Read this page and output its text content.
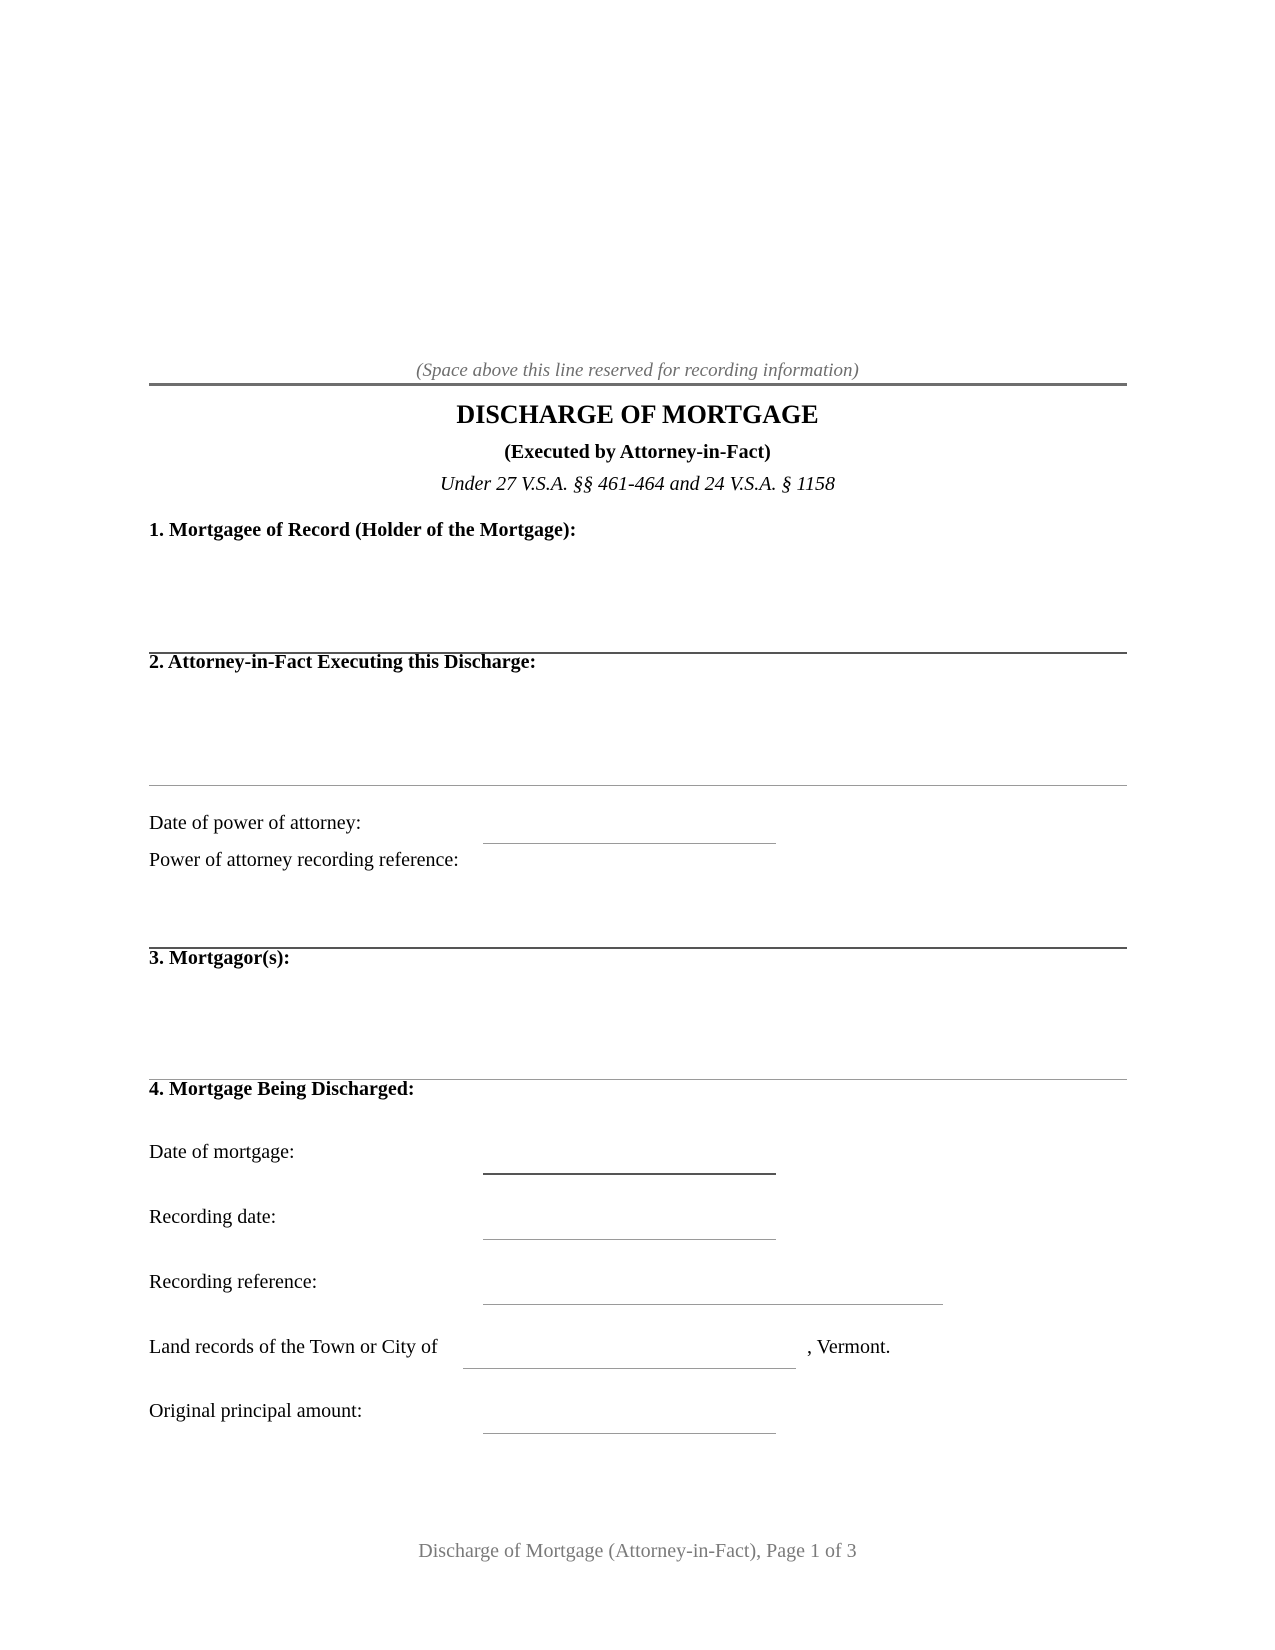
(Space above this line reserved for recording information)
DISCHARGE OF MORTGAGE
(Executed by Attorney-in-Fact)
Under 27 V.S.A. §§ 461-464 and 24 V.S.A. § 1158
1. Mortgagee of Record (Holder of the Mortgage):
2. Attorney-in-Fact Executing this Discharge:
Date of power of attorney:
Power of attorney recording reference:
3. Mortgagor(s):
4. Mortgage Being Discharged:
Date of mortgage:
Recording date:
Recording reference:
Land records of the Town or City of	, Vermont.
Original principal amount:
Discharge of Mortgage (Attorney-in-Fact), Page 1 of 3
